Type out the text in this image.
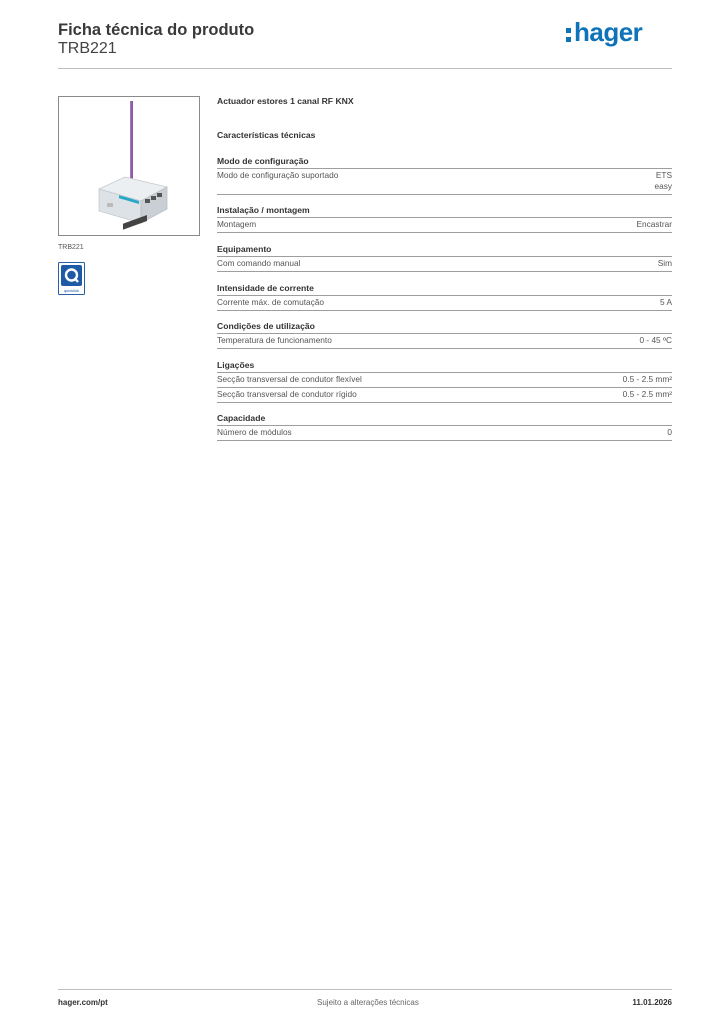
Ficha técnica do produto
TRB221
hager
TRB221
quicklink
Actuador estores 1 canal RF KNX
Características técnicas
Modo de configuração
Modo de configuração suportado	ETS
easy
Instalação / montagem
Montagem	Encastrar
Equipamento
Com comando manual	Sim
Intensidade de corrente
Corrente máx. de comutação	5 A
Condições de utilização
Temperatura de funcionamento	0 - 45 ºC
Ligações
Secção transversal de condutor flexível	0.5 - 2.5 mm²
Secção transversal de condutor rígido	0.5 - 2.5 mm²
Capacidade
Número de módulos	0
hager.com/pt	Sujeito a alterações técnicas	11.01.2026
